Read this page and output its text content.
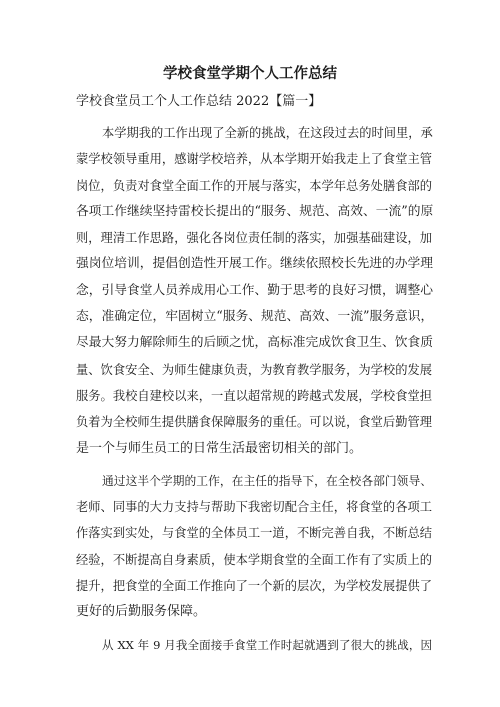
学校食堂学期个人工作总结

学校食堂员工个人工作总结 2022【篇一】

本学期我的工作出现了全新的挑战，在这段过去的时间里，承
蒙学校领导重用，感谢学校培养，从本学期开始我走上了食堂主管
岗位，负责对食堂全面工作的开展与落实，本学年总务处膳食部的
各项工作继续坚持雷校长提出的“服务、规范、高效、一流”的原
则，理清工作思路，强化各岗位责任制的落实，加强基础建设，加
强岗位培训，提倡创造性开展工作。继续依照校长先进的办学理
念，引导食堂人员养成用心工作、勤于思考的良好习惯，调整心
态，准确定位，牢固树立“服务、规范、高效、一流”服务意识，
尽最大努力解除师生的后顾之忧，高标准完成饮食卫生、饮食质
量、饮食安全、为师生健康负责，为教育教学服务，为学校的发展
服务。我校自建校以来，一直以超常规的跨越式发展，学校食堂担
负着为全校师生提供膳食保障服务的重任。可以说，食堂后勤管理
是一个与师生员工的日常生活最密切相关的部门。

通过这半个学期的工作，在主任的指导下，在全校各部门领导、
老师、同事的大力支持与帮助下我密切配合主任，将食堂的各项工
作落实到实处，与食堂的全体员工一道，不断完善自我，不断总结
经验，不断提高自身素质，使本学期食堂的全面工作有了实质上的
提升，把食堂的全面工作推向了一个新的层次，为学校发展提供了
更好的后勤服务保障。

从 XX 年 9 月我全面接手食堂工作时起就遇到了很大的挑战，因
